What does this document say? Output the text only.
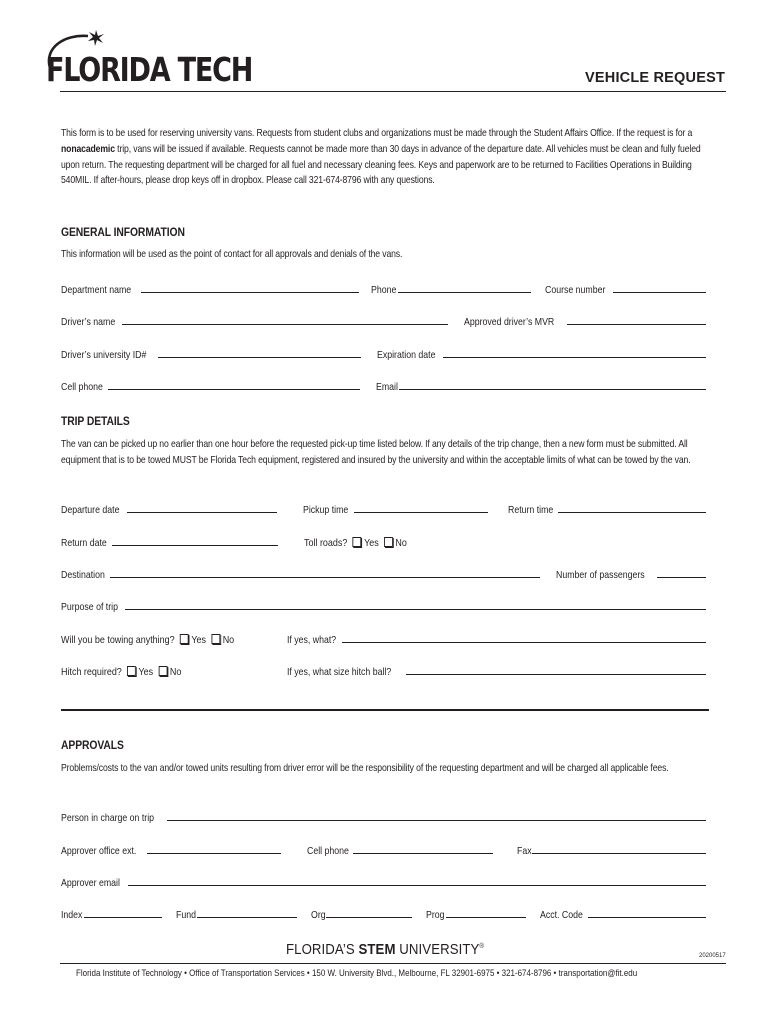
FLORIDA TECH	VEHICLE REQUEST
This form is to be used for reserving university vans. Requests from student clubs and organizations must be made through the Student Affairs Office. If the request is for a nonacademic trip, vans will be issued if available. Requests cannot be made more than 30 days in advance of the departure date. All vehicles must be clean and fully fueled upon return. The requesting department will be charged for all fuel and necessary cleaning fees. Keys and paperwork are to be returned to Facilities Operations in Building 540MIL. If after-hours, please drop keys off in dropbox. Please call 321-674-8796 with any questions.
GENERAL INFORMATION
This information will be used as the point of contact for all approvals and denials of the vans.
Department name	Phone	Course number
Driver’s name	Approved driver’s MVR
Driver’s university ID#	Expiration date
Cell phone	Email
TRIP DETAILS
The van can be picked up no earlier than one hour before the requested pick-up time listed below. If any details of the trip change, then a new form must be submitted. All equipment that is to be towed MUST be Florida Tech equipment, registered and insured by the university and within the acceptable limits of what can be towed by the van.
Departure date	Pickup time	Return time
Return date	Toll roads? Yes No
Destination	Number of passengers
Purpose of trip
Will you be towing anything? Yes No	If yes, what?
Hitch required? Yes No	If yes, what size hitch ball?
APPROVALS
Problems/costs to the van and/or towed units resulting from driver error will be the responsibility of the requesting department and will be charged all applicable fees.
Person in charge on trip
Approver office ext.	Cell phone	Fax
Approver email
Index	Fund	Org	Prog	Acct. Code
FLORIDA’S STEM UNIVERSITY®
20200517
Florida Institute of Technology • Office of Transportation Services • 150 W. University Blvd., Melbourne, FL 32901-6975 • 321-674-8796 • transportation@fit.edu
